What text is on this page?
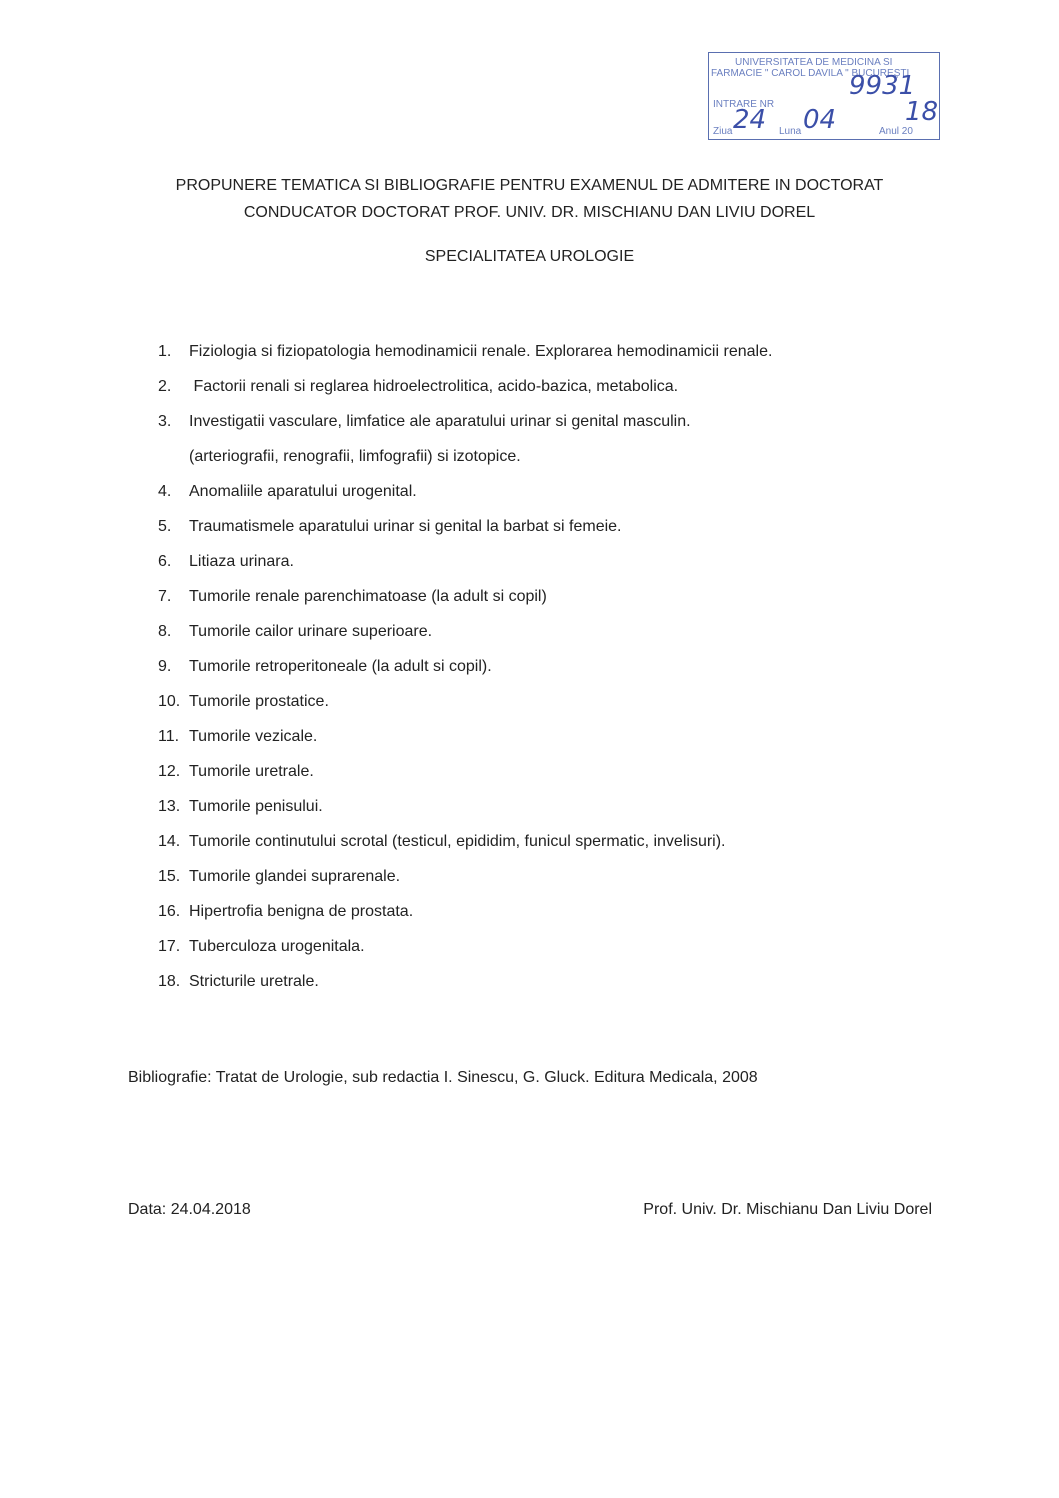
UNIVERSITATEA DE MEDICINA SI
FARMACIE " CAROL DAVILA " BUCUREȘTI
INTRARE NR
Ziua	Luna	Anul 20
9931
24 04	18
PROPUNERE TEMATICA SI BIBLIOGRAFIE PENTRU EXAMENUL DE ADMITERE IN DOCTORAT
CONDUCATOR DOCTORAT PROF. UNIV. DR. MISCHIANU DAN LIVIU DOREL
SPECIALITATEA UROLOGIE
1.	Fiziologia si fiziopatologia hemodinamicii renale. Explorarea hemodinamicii renale.
2.	Factorii renali si reglarea hidroelectrolitica, acido-bazica, metabolica.
3.	Investigatii vasculare, limfatice ale aparatului urinar si genital masculin.
(arteriografii, renografii, limfografii) si izotopice.
4.	Anomaliile aparatului urogenital.
5.	Traumatismele aparatului urinar si genital la barbat si femeie.
6.	Litiaza urinara.
7.	Tumorile renale parenchimatoase (la adult si copil)
8.	Tumorile cailor urinare superioare.
9.	Tumorile retroperitoneale (la adult si copil).
10. Tumorile prostatice.
11. Tumorile vezicale.
12. Tumorile uretrale.
13. Tumorile penisului.
14. Tumorile continutului scrotal (testicul, epididim, funicul spermatic, invelisuri).
15. Tumorile glandei suprarenale.
16. Hipertrofia benigna de prostata.
17. Tuberculoza urogenitala.
18. Stricturile uretrale.
Bibliografie: Tratat de Urologie, sub redactia I. Sinescu, G. Gluck. Editura Medicala, 2008
Data: 24.04.2018	Prof. Univ. Dr. Mischianu Dan Liviu Dorel
